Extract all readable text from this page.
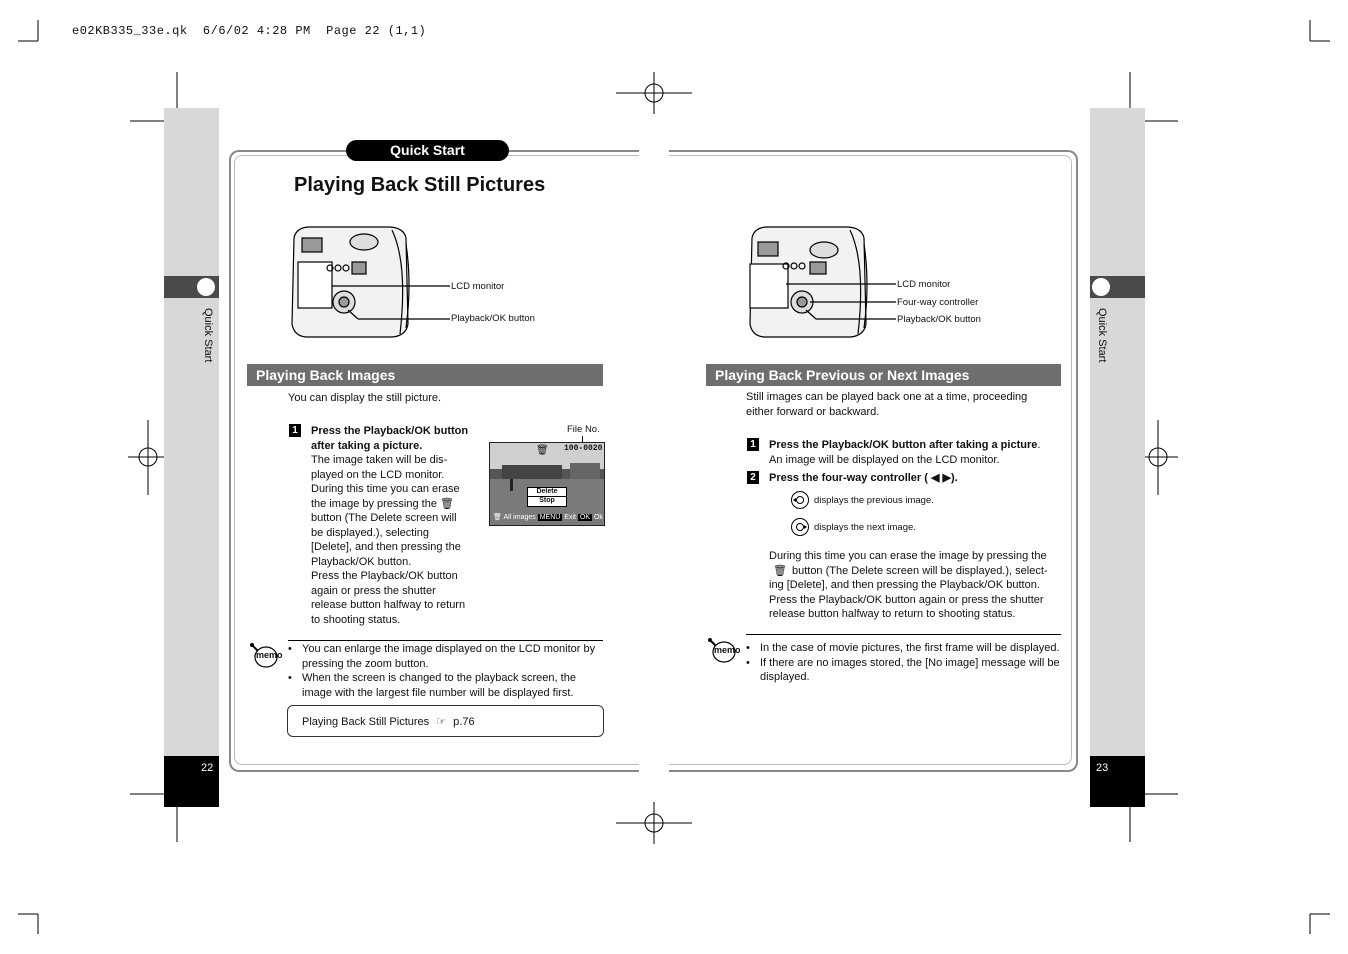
e02KB335_33e.qk  6/6/02 4:28 PM  Page 22 (1,1)
Quick Start
22
Quick Start
23
Quick Start
Playing Back Still Pictures
LCD monitor
Playback/OK button
Playing Back Images
You can display the still picture.
1 Press the Playback/OK button
after taking a picture.
The image taken will be dis-
played on the LCD monitor.
During this time you can erase
the image by pressing the 🗑
button (The Delete screen will
be displayed.), selecting
[Delete], and then pressing the
Playback/OK button.
Press the Playback/OK button
again or press the shutter
release button halfway to return
to shooting status.
File No.
100-0020
🗑
Delete
Stop
🗑 All images MENU Exit OK Ok
memo	• You can enlarge the image displayed on the LCD monitor by pressing the zoom button.
• When the screen is changed to the playback screen, the image with the largest file number will be displayed first.
Playing Back Still Pictures ☞ p.76
LCD monitor
Four-way controller
Playback/OK button
Playing Back Previous or Next Images
Still images can be played back one at a time, proceeding
either forward or backward.
1 Press the Playback/OK button after taking a picture.
An image will be displayed on the LCD monitor.
2 Press the four-way controller ( ◀ ▶).
displays the previous image.
displays the next image.
During this time you can erase the image by pressing the
🗑 button (The Delete screen will be displayed.), select-
ing [Delete], and then pressing the Playback/OK button.
Press the Playback/OK button again or press the shutter
release button halfway to return to shooting status.
memo	• In the case of movie pictures, the first frame will be displayed.
• If there are no images stored, the [No image] message will be displayed.
